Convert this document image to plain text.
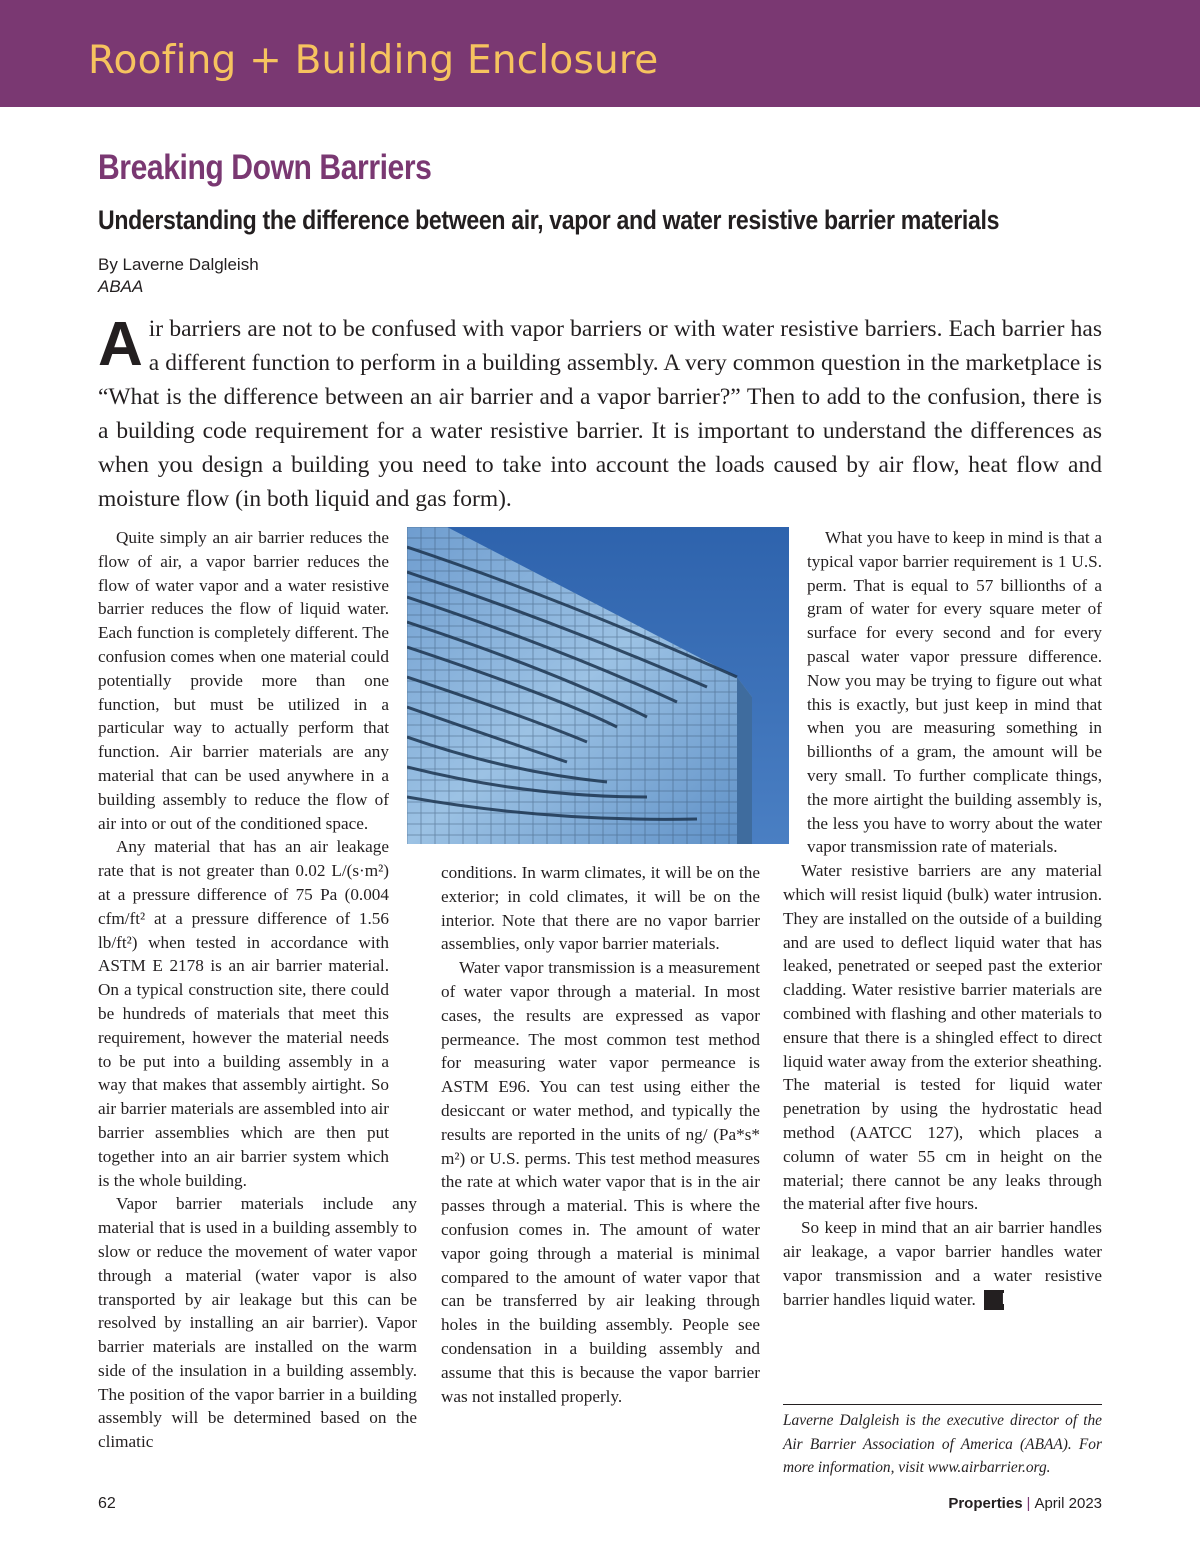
Roofing + Building Enclosure
Breaking Down Barriers
Understanding the difference between air, vapor and water resistive barrier materials
By Laverne Dalgleish
ABAA

Air barriers are not to be confused with vapor barriers or with water resistive barriers. Each barrier has a different function to perform in a building assembly. A very common question in the marketplace is “What is the difference between an air barrier and a vapor barrier?” Then to add to the confusion, there is a building code requirement for a water resistive barrier. It is important to understand the differences as when you design a building you need to take into account the loads caused by air flow, heat flow and moisture flow (in both liquid and gas form).

Quite simply an air barrier reduces the flow of air, a vapor barrier reduces the flow of water vapor and a water resistive barrier reduces the flow of liquid water. Each function is completely different. The confusion comes when one material could potentially provide more than one function, but must be utilized in a particular way to actually perform that function. Air barrier materials are any material that can be used anywhere in a building assembly to reduce the flow of air into or out of the conditioned space.

Any material that has an air leakage rate that is not greater than 0.02 L/(s·m²) at a pressure difference of 75 Pa (0.004 cfm/ft² at a pressure difference of 1.56 lb/ft²) when tested in accordance with ASTM E 2178 is an air barrier material. On a typical construction site, there could be hundreds of materials that meet this requirement, however the material needs to be put into a building assembly in a way that makes that assembly airtight. So air barrier materials are assembled into air barrier assemblies which are then put together into an air barrier system which is the whole building.

Vapor barrier materials include any material that is used in a building assembly to slow or reduce the movement of water vapor through a material (water vapor is also transported by air leakage but this can be resolved by installing an air barrier). Vapor barrier materials are installed on the warm side of the insulation in a building assembly. The position of the vapor barrier in a building assembly will be determined based on the climatic

conditions. In warm climates, it will be on the exterior; in cold climates, it will be on the interior. Note that there are no vapor barrier assemblies, only vapor barrier materials.

Water vapor transmission is a measurement of water vapor through a material. In most cases, the results are expressed as vapor permeance. The most common test method for measuring water vapor permeance is ASTM E96. You can test using either the desiccant or water method, and typically the results are reported in the units of ng/ (Pa*s* m²) or U.S. perms. This test method measures the rate at which water vapor that is in the air passes through a material. This is where the confusion comes in. The amount of water vapor going through a material is minimal compared to the amount of water vapor that can be transferred by air leaking through holes in the building assembly. People see condensation in a building assembly and assume that this is because the vapor barrier was not installed properly.

What you have to keep in mind is that a typical vapor barrier requirement is 1 U.S. perm. That is equal to 57 billionths of a gram of water for every square meter of surface for every second and for every pascal water vapor pressure difference. Now you may be trying to figure out what this is exactly, but just keep in mind that when you are measuring something in billionths of a gram, the amount will be very small. To further complicate things, the more airtight the building assembly is, the less you have to worry about the water vapor transmission rate of materials.

Water resistive barriers are any material which will resist liquid (bulk) water intrusion. They are installed on the outside of a building and are used to deflect liquid water that has leaked, penetrated or seeped past the exterior cladding. Water resistive barrier materials are combined with flashing and other materials to ensure that there is a shingled effect to direct liquid water away from the exterior sheathing. The material is tested for liquid water penetration by using the hydrostatic head method (AATCC 127), which places a column of water 55 cm in height on the material; there cannot be any leaks through the material after five hours.

So keep in mind that an air barrier handles air leakage, a vapor barrier handles water vapor transmission and a water resistive barrier handles liquid water. P

Laverne Dalgleish is the executive director of the Air Barrier Association of America (ABAA). For more information, visit www.airbarrier.org.

62	Properties | April 2023
